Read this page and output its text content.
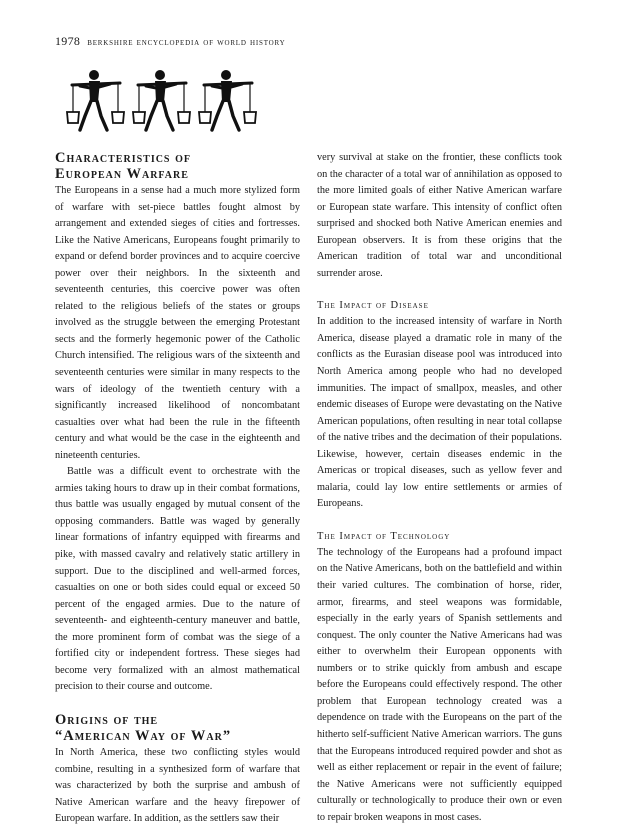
1978 berkshire encyclopedia of world history
Characteristics of
European Warfare

The Europeans in a sense had a much more stylized form of warfare with set-piece battles fought almost by arrangement and extended sieges of cities and fortresses. Like the Native Americans, Europeans fought primarily to expand or defend border provinces and to acquire coercive power over their neighbors. In the sixteenth and seventeenth centuries, this coercive power was often related to the religious beliefs of the states or groups involved as the struggle between the emerging Protestant sects and the formerly hegemonic power of the Catholic Church intensified. The religious wars of the sixteenth and seventeenth centuries were similar in many respects to the wars of ideology of the twentieth century with a significantly increased likelihood of noncombatant casualties over what had been the rule in the fifteenth century and what would be the case in the eighteenth and nineteenth centuries.

Battle was a difficult event to orchestrate with the armies taking hours to draw up in their combat formations, thus battle was usually engaged by mutual consent of the opposing commanders. Battle was waged by generally linear formations of infantry equipped with firearms and pike, with massed cavalry and relatively static artillery in support. Due to the disciplined and well-armed forces, casualties on one or both sides could equal or exceed 50 percent of the engaged armies. Due to the nature of seventeenth- and eighteenth-century maneuver and battle, the more prominent form of combat was the siege of a fortified city or independent fortress. These sieges had become very formalized with an almost mathematical precision to their course and outcome.

Origins of the
“American Way of War”

In North America, these two conflicting styles would combine, resulting in a synthesized form of warfare that was characterized by both the surprise and ambush of Native American warfare and the heavy firepower of European warfare. In addition, as the settlers saw their

very survival at stake on the frontier, these conflicts took on the character of a total war of annihilation as opposed to the more limited goals of either Native American warfare or European state warfare. This intensity of conflict often surprised and shocked both Native American enemies and European observers. It is from these origins that the American tradition of total war and unconditional surrender arose.

The Impact of Disease

In addition to the increased intensity of warfare in North America, disease played a dramatic role in many of the conflicts as the Eurasian disease pool was introduced into North America among people who had no developed immunities. The impact of smallpox, measles, and other endemic diseases of Europe were devastating on the Native American populations, often resulting in near total collapse of the native tribes and the decimation of their populations. Likewise, however, certain diseases endemic in the Americas or tropical diseases, such as yellow fever and malaria, could lay low entire settlements or armies of Europeans.

The Impact of Technology

The technology of the Europeans had a profound impact on the Native Americans, both on the battlefield and within their varied cultures. The combination of horse, rider, armor, firearms, and steel weapons was formidable, especially in the early years of Spanish settlements and conquest. The only counter the Native Americans had was either to overwhelm their European opponents with numbers or to strike quickly from ambush and escape before the Europeans could effectively respond. The other problem that European technology created was a dependence on trade with the Europeans on the part of the hitherto self-sufficient Native American warriors. The guns that the Europeans introduced required powder and shot as well as either replacement or repair in the event of failure; the Native Americans were not sufficiently equipped culturally or technologically to produce their own or even to repair broken weapons in most cases.
